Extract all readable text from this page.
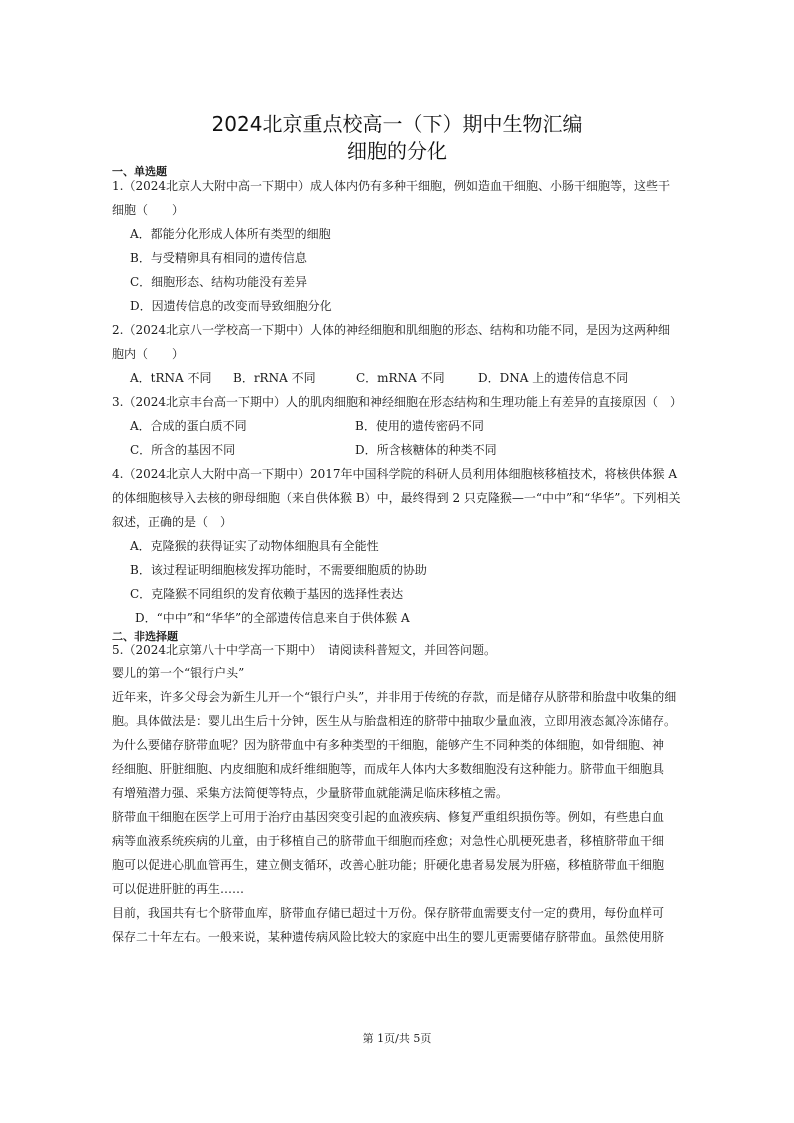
2024北京重点校高一（下）期中生物汇编
细胞的分化
一、单选题
1.（2024北京人大附中高一下期中）成人体内仍有多种干细胞，例如造血干细胞、小肠干细胞等，这些干
细胞（　　）
A．都能分化形成人体所有类型的细胞
B．与受精卵具有相同的遗传信息
C．细胞形态、结构功能没有差异
D．因遗传信息的改变而导致细胞分化
2.（2024北京八一学校高一下期中）人体的神经细胞和肌细胞的形态、结构和功能不同，是因为这两种细
胞内（　　）
A．tRNA 不同 B．rRNA 不同	C．mRNA 不同	D．DNA 上的遗传信息不同
3.（2024北京丰台高一下期中）人的肌肉细胞和神经细胞在形态结构和生理功能上有差异的直接原因（　）
A．合成的蛋白质不同	B．使用的遗传密码不同
C．所含的基因不同	D．所含核糖体的种类不同
4.（2024北京人大附中高一下期中）2017年中国科学院的科研人员利用体细胞核移植技术，将核供体猴 A
的体细胞核导入去核的卵母细胞（来自供体猴 B）中，最终得到 2 只克隆猴—一“中中”和“华华”。下列相关
叙述，正确的是（　）
A．克隆猴的获得证实了动物体细胞具有全能性
B．该过程证明细胞核发挥功能时，不需要细胞质的协助
C．克隆猴不同组织的发育依赖于基因的选择性表达
D．“中中”和“华华”的全部遗传信息来自于供体猴 A
二、非选择题
5.（2024北京第八十中学高一下期中）　请阅读科普短文，并回答问题。
婴儿的第一个“银行户头”
近年来，许多父母会为新生儿开一个“银行户头”，并非用于传统的存款，而是储存从脐带和胎盘中收集的细
胞。具体做法是：婴儿出生后十分钟，医生从与胎盘相连的脐带中抽取少量血液，立即用液态氮冷冻储存。
为什么要储存脐带血呢？因为脐带血中有多种类型的干细胞，能够产生不同种类的体细胞，如骨细胞、神
经细胞、肝脏细胞、内皮细胞和成纤维细胞等，而成年人体内大多数细胞没有这种能力。脐带血干细胞具
有增殖潜力强、采集方法简便等特点，少量脐带血就能满足临床移植之需。
脐带血干细胞在医学上可用于治疗由基因突变引起的血液疾病、修复严重组织损伤等。例如，有些患白血
病等血液系统疾病的儿童，由于移植自己的脐带血干细胞而痊愈；对急性心肌梗死患者，移植脐带血干细
胞可以促进心肌血管再生，建立侧支循环，改善心脏功能；肝硬化患者易发展为肝癌，移植脐带血干细胞
可以促进肝脏的再生……
目前，我国共有七个脐带血库，脐带血存储已超过十万份。保存脐带血需要支付一定的费用，每份血样可
保存二十年左右。一般来说，某种遗传病风险比较大的家庭中出生的婴儿更需要储存脐带血。虽然使用脐
第 1页/共 5页
